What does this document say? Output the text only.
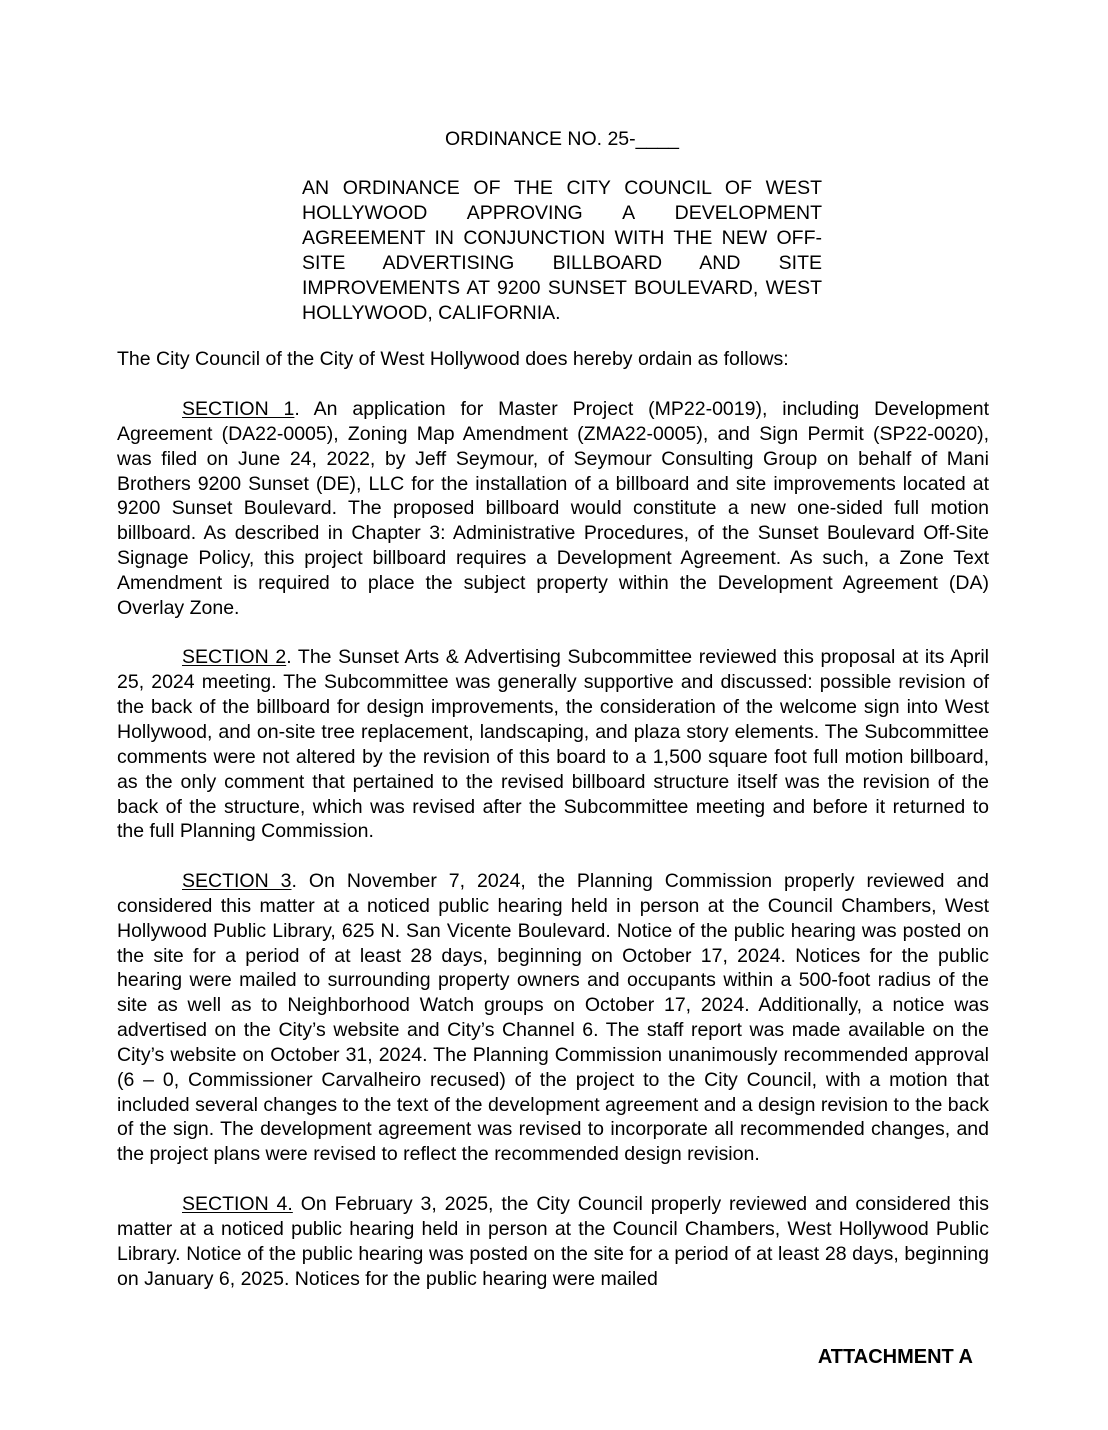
ORDINANCE NO. 25-____
AN ORDINANCE OF THE CITY COUNCIL OF WEST HOLLYWOOD APPROVING A DEVELOPMENT AGREEMENT IN CONJUNCTION WITH THE NEW OFF-SITE ADVERTISING BILLBOARD AND SITE IMPROVEMENTS AT 9200 SUNSET BOULEVARD, WEST HOLLYWOOD, CALIFORNIA.
The City Council of the City of West Hollywood does hereby ordain as follows:

SECTION 1. An application for Master Project (MP22-0019), including Development Agreement (DA22-0005), Zoning Map Amendment (ZMA22-0005), and Sign Permit (SP22-0020), was filed on June 24, 2022, by Jeff Seymour, of Seymour Consulting Group on behalf of Mani Brothers 9200 Sunset (DE), LLC for the installation of a billboard and site improvements located at 9200 Sunset Boulevard. The proposed billboard would constitute a new one-sided full motion billboard. As described in Chapter 3: Administrative Procedures, of the Sunset Boulevard Off-Site Signage Policy, this project billboard requires a Development Agreement. As such, a Zone Text Amendment is required to place the subject property within the Development Agreement (DA) Overlay Zone.

SECTION 2. The Sunset Arts & Advertising Subcommittee reviewed this proposal at its April 25, 2024 meeting. The Subcommittee was generally supportive and discussed: possible revision of the back of the billboard for design improvements, the consideration of the welcome sign into West Hollywood, and on-site tree replacement, landscaping, and plaza story elements. The Subcommittee comments were not altered by the revision of this board to a 1,500 square foot full motion billboard, as the only comment that pertained to the revised billboard structure itself was the revision of the back of the structure, which was revised after the Subcommittee meeting and before it returned to the full Planning Commission.

SECTION 3. On November 7, 2024, the Planning Commission properly reviewed and considered this matter at a noticed public hearing held in person at the Council Chambers, West Hollywood Public Library, 625 N. San Vicente Boulevard. Notice of the public hearing was posted on the site for a period of at least 28 days, beginning on October 17, 2024. Notices for the public hearing were mailed to surrounding property owners and occupants within a 500-foot radius of the site as well as to Neighborhood Watch groups on October 17, 2024. Additionally, a notice was advertised on the City’s website and City’s Channel 6. The staff report was made available on the City’s website on October 31, 2024. The Planning Commission unanimously recommended approval (6 – 0, Commissioner Carvalheiro recused) of the project to the City Council, with a motion that included several changes to the text of the development agreement and a design revision to the back of the sign. The development agreement was revised to incorporate all recommended changes, and the project plans were revised to reflect the recommended design revision.

SECTION 4. On February 3, 2025, the City Council properly reviewed and considered this matter at a noticed public hearing held in person at the Council Chambers, West Hollywood Public Library. Notice of the public hearing was posted on the site for a period of at least 28 days, beginning on January 6, 2025. Notices for the public hearing were mailed

ATTACHMENT A
